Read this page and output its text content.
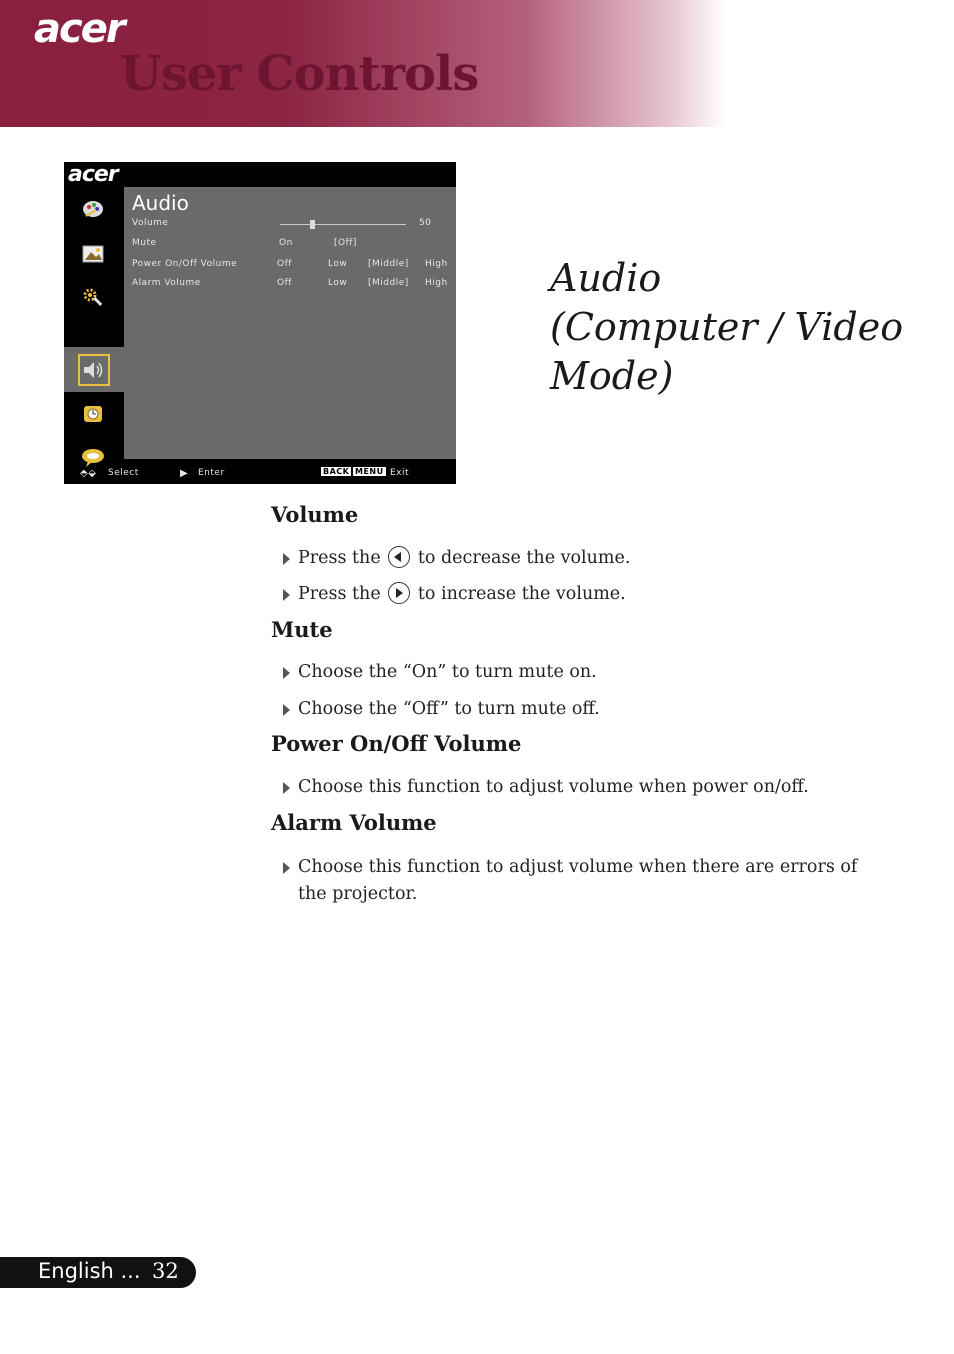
acer
User Controls
acer
Audio
Volume	50
Mute	On	[Off]
Power On/Off Volume	Off	Low [Middle] High
Alarm Volume	Off	Low [Middle] High
⬘⬙ Select	▶ Enter	BACK MENU Exit
Audio
(Computer / Video
Mode)
Volume
Press the to decrease the volume.
Press the to increase the volume.
Mute
Choose the “On” to turn mute on.
Choose the “Off” to turn mute off.
Power On/Off Volume
Choose this function to adjust volume when power on/off.
Alarm Volume
Choose this function to adjust volume when there are errors of the projector.
English ... 32
